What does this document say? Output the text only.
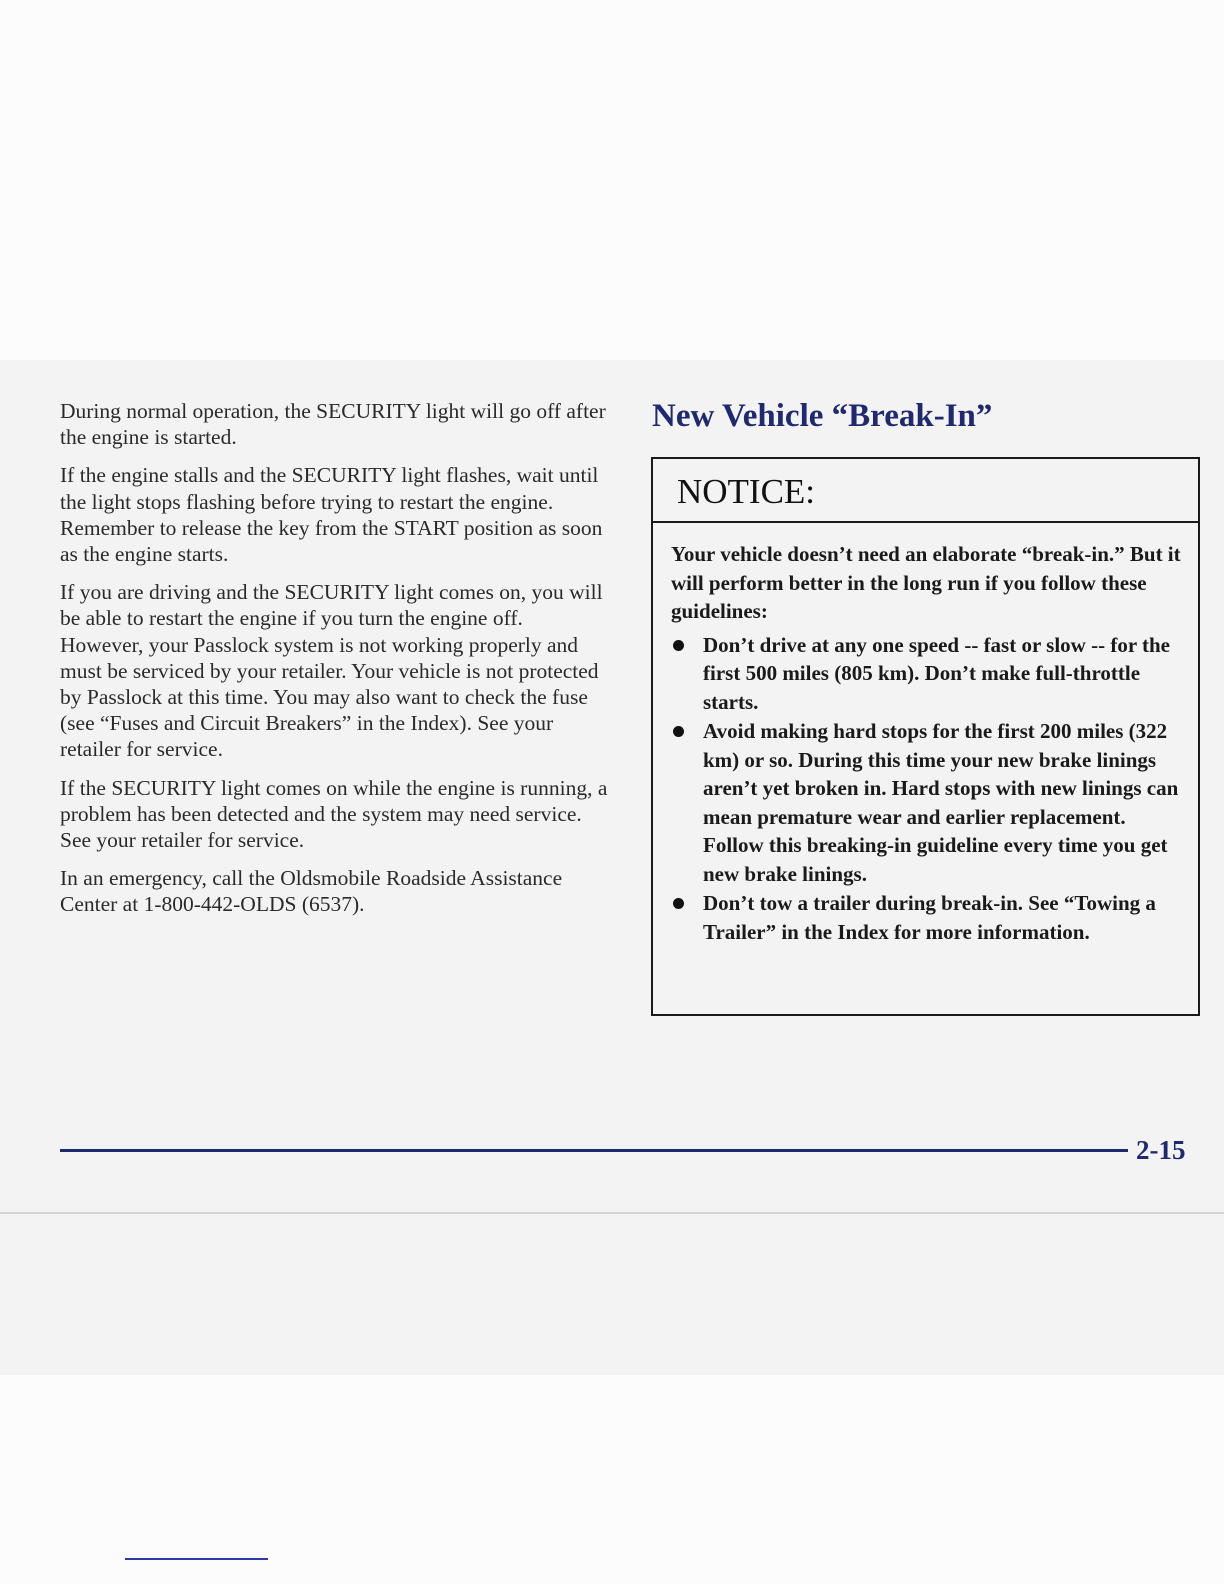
During normal operation, the SECURITY light will go off after the engine is started.

If the engine stalls and the SECURITY light flashes, wait until the light stops flashing before trying to restart the engine. Remember to release the key from the START position as soon as the engine starts.

If you are driving and the SECURITY light comes on, you will be able to restart the engine if you turn the engine off. However, your Passlock system is not working properly and must be serviced by your retailer. Your vehicle is not protected by Passlock at this time. You may also want to check the fuse (see “Fuses and Circuit Breakers” in the Index). See your retailer for service.

If the SECURITY light comes on while the engine is running, a problem has been detected and the system may need service. See your retailer for service.

In an emergency, call the Oldsmobile Roadside Assistance Center at 1-800-442-OLDS (6537).

New Vehicle “Break-In”
NOTICE:

Your vehicle doesn’t need an elaborate “break-in.” But it will perform better in the long run if you follow these guidelines:

Don’t drive at any one speed -- fast or slow -- for the first 500 miles (805 km). Don’t make full-throttle starts.
Avoid making hard stops for the first 200 miles (322 km) or so. During this time your new brake linings aren’t yet broken in. Hard stops with new linings can mean premature wear and earlier replacement. Follow this breaking-in guideline every time you get new brake linings.
Don’t tow a trailer during break-in. See “Towing a Trailer” in the Index for more information.
2-15
